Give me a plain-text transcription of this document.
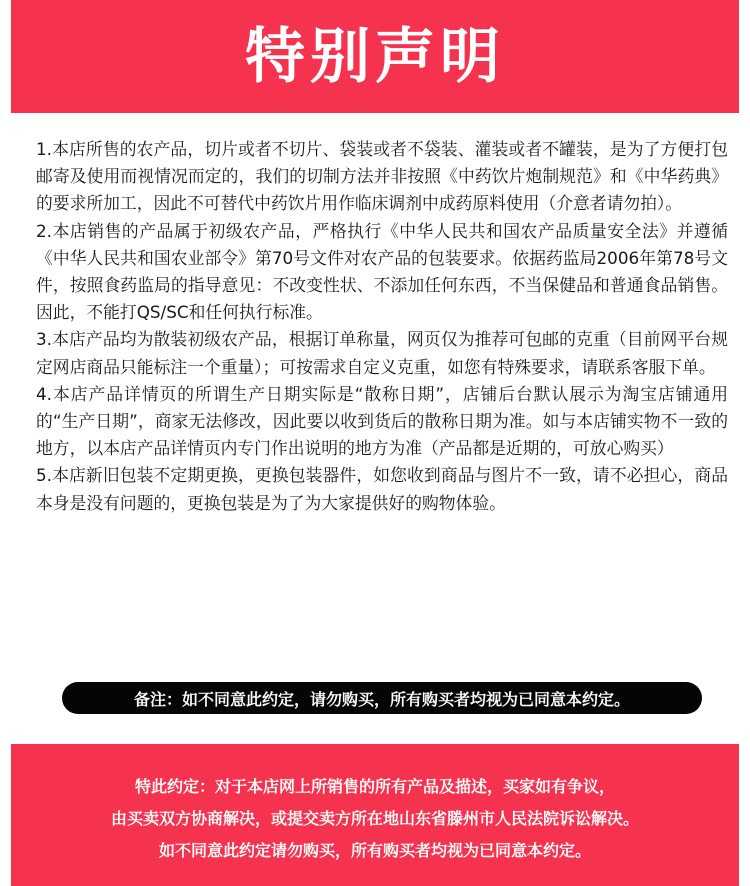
特别声明

1.本店所售的农产品，切片或者不切片、袋装或者不袋装、灌装或者不罐装，是为了方便打包邮寄及使用而视情况而定的，我们的切制方法并非按照《中药饮片炮制规范》和《中华药典》的要求所加工，因此不可替代中药饮片用作临床调剂中成药原料使用（介意者请勿拍）。

2.本店销售的产品属于初级农产品，严格执行《中华人民共和国农产品质量安全法》并遵循《中华人民共和国农业部令》第70号文件对农产品的包装要求。依据药监局2006年第78号文件，按照食药监局的指导意见：不改变性状、不添加任何东西，不当保健品和普通食品销售。因此，不能打QS/SC和任何执行标准。

3.本店产品均为散装初级农产品，根据订单称量，网页仅为推荐可包邮的克重（目前网平台规定网店商品只能标注一个重量）；可按需求自定义克重，如您有特殊要求，请联系客服下单。

4.本店产品详情页的所谓生产日期实际是“散称日期”，店铺后台默认展示为淘宝店铺通用的“生产日期”，商家无法修改，因此要以收到货后的散称日期为准。如与本店铺实物不一致的地方，以本店产品详情页内专门作出说明的地方为准（产品都是近期的，可放心购买）

5.本店新旧包装不定期更换，更换包装器件，如您收到商品与图片不一致，请不必担心，商品本身是没有问题的，更换包装是为了为大家提供好的购物体验。

备注：如不同意此约定，请勿购买，所有购买者均视为已同意本约定。
特此约定：对于本店网上所销售的所有产品及描述，买家如有争议，
由买卖双方协商解决，或提交卖方所在地山东省滕州市人民法院诉讼解决。
如不同意此约定请勿购买，所有购买者均视为已同意本约定。
